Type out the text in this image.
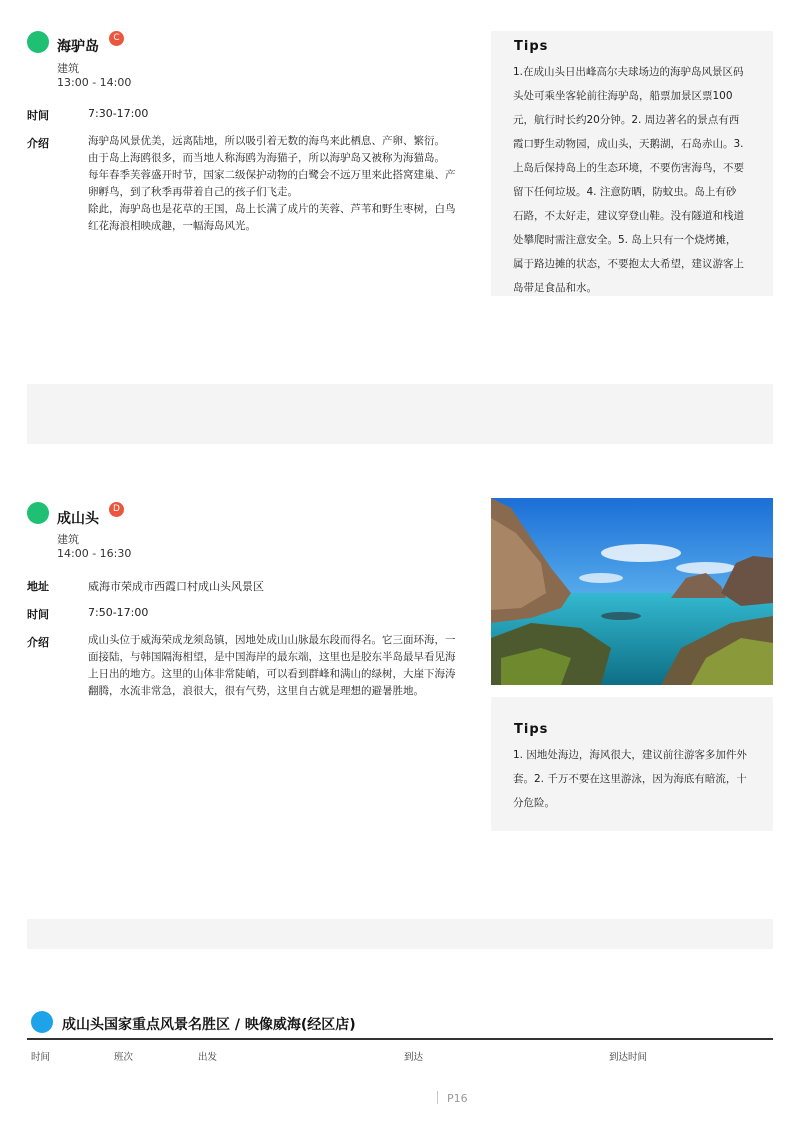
海驴岛
C
建筑
13:00 - 14:00
时间	7:30-17:00
介绍	海驴岛风景优美，远离陆地，所以吸引着无数的海鸟来此栖息、产卵、繁衍。
由于岛上海鸥很多，而当地人称海鸥为海猫子，所以海驴岛又被称为海猫岛。
每年春季芙蓉盛开时节，国家二级保护动物的白鹭会不远万里来此搭窝建巢、产
卵孵鸟，到了秋季再带着自己的孩子们飞走。
除此，海驴岛也是花草的王国，岛上长满了成片的芙蓉、芦苇和野生枣树，白鸟
红花海浪相映成趣，一幅海岛风光。
Tips
1.在成山头日出峰高尔夫球场边的海驴岛风景区码
头处可乘坐客轮前往海驴岛，船票加景区票100
元，航行时长约20分钟。2. 周边著名的景点有西
霞口野生动物园，成山头，天鹅湖，石岛赤山。3.
上岛后保持岛上的生态环境，不要伤害海鸟，不要
留下任何垃圾。4. 注意防晒，防蚊虫。岛上有砂
石路，不太好走，建议穿登山鞋。没有隧道和栈道
处攀爬时需注意安全。5. 岛上只有一个烧烤摊，
属于路边摊的状态，不要抱太大希望，建议游客上
岛带足食品和水。
成山头
D
建筑
14:00 - 16:30
地址	威海市荣成市西霞口村成山头风景区
时间	7:50-17:00
介绍	成山头位于威海荣成龙须岛镇，因地处成山山脉最东段而得名。它三面环海，一
面接陆，与韩国隔海相望，是中国海岸的最东端，这里也是胶东半岛最早看见海
上日出的地方。这里的山体非常陡峭，可以看到群峰和满山的绿树，大崖下海涛
翻腾，水流非常急，浪很大，很有气势，这里自古就是理想的避暑胜地。
Tips
1. 因地处海边，海风很大，建议前往游客多加件外
套。2. 千万不要在这里游泳，因为海底有暗流，十
分危险。
成山头国家重点风景名胜区 / 映像威海(经区店)
时间	班次	出发	到达	到达时间
P16
